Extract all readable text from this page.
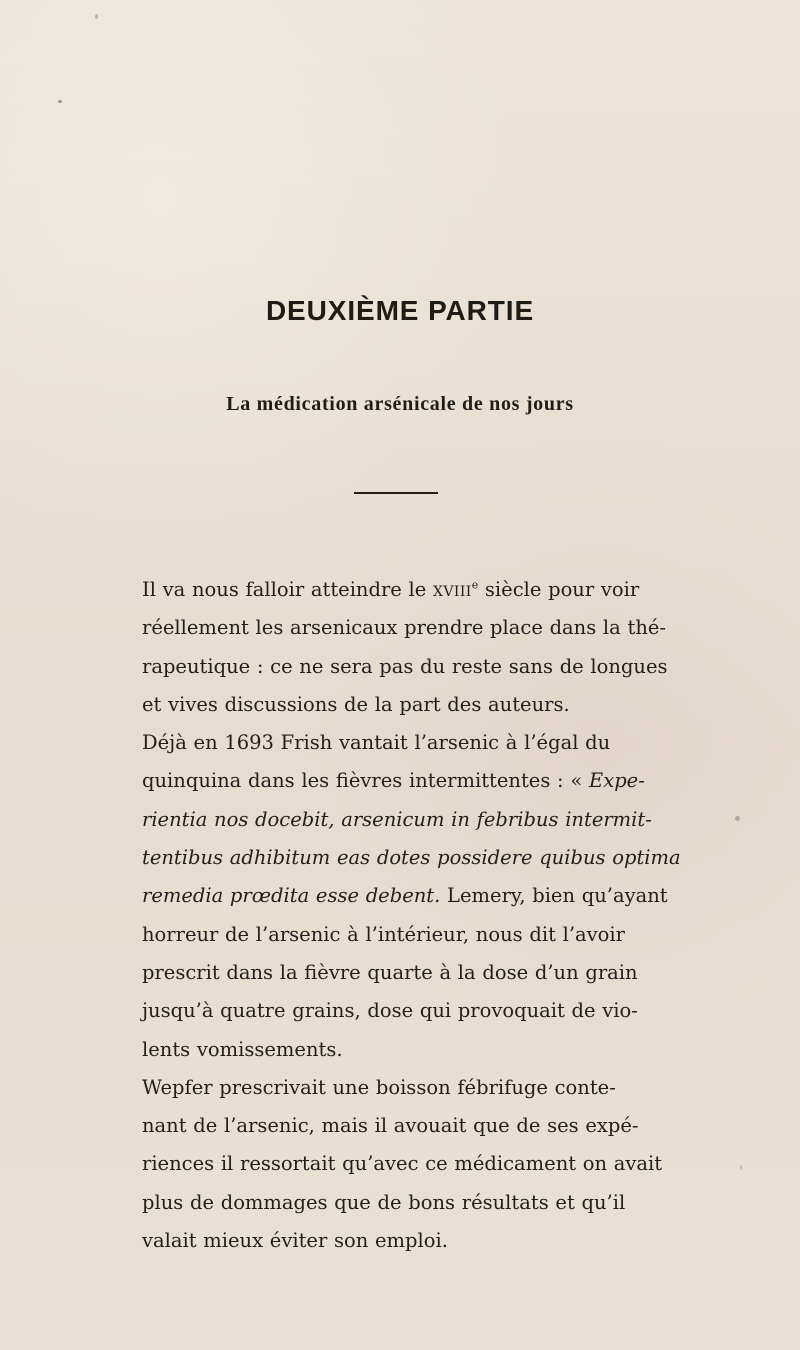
DEUXIÈME PARTIE
La médication arsénicale de nos jours

Il va nous falloir atteindre le xviii$^e$ siècle pour voir
réellement les arsenicaux prendre place dans la thé-
rapeutique : ce ne sera pas du reste sans de longues
et vives discussions de la part des auteurs.

Déjà en 1693 Frish vantait l’arsenic à l’égal du
quinquina dans les fièvres intermittentes : « Expe-
rientia nos docebit, arsenicum in febribus intermit-
tentibus adhibitum eas dotes possidere quibus optima
remedia prœdita esse debent. Lemery, bien qu’ayant
horreur de l’arsenic à l’intérieur, nous dit l’avoir
prescrit dans la fièvre quarte à la dose d’un grain
jusqu’à quatre grains, dose qui provoquait de vio-
lents vomissements.

Wepfer prescrivait une boisson fébrifuge conte-
nant de l’arsenic, mais il avouait que de ses expé-
riences il ressortait qu’avec ce médicament on avait
plus de dommages que de bons résultats et qu’il
valait mieux éviter son emploi.
